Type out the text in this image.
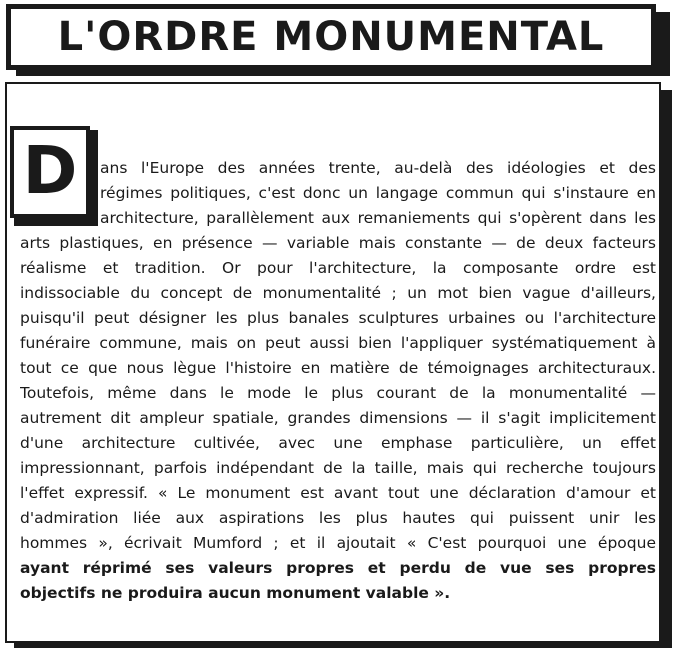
L'ORDRE MONUMENTAL
D ans l'Europe des années trente, au-delà des idéologies et des

régimes politiques, c'est donc un langage commun qui s'instaure en

architecture, parallèlement aux remaniements qui s'opèrent dans les

arts plastiques, en présence — variable mais constante — de deux facteurs

réalisme et tradition. Or pour l'architecture, la composante ordre est

indissociable du concept de monumentalité ; un mot bien vague d'ailleurs,

puisqu'il peut désigner les plus banales sculptures urbaines ou l'architecture

funéraire commune, mais on peut aussi bien l'appliquer systématiquement à

tout ce que nous lègue l'histoire en matière de témoignages architecturaux.

Toutefois, même dans le mode le plus courant de la monumentalité —

autrement dit ampleur spatiale, grandes dimensions — il s'agit implicitement

d'une architecture cultivée, avec une emphase particulière, un effet

impressionnant, parfois indépendant de la taille, mais qui recherche toujours

l'effet expressif. « Le monument est avant tout une déclaration d'amour et

d'admiration liée aux aspirations les plus hautes qui puissent unir les

hommes », écrivait Mumford ; et il ajoutait « C'est pourquoi une époque

ayant réprimé ses valeurs propres et perdu de vue ses propres

objectifs ne produira aucun monument valable ».
